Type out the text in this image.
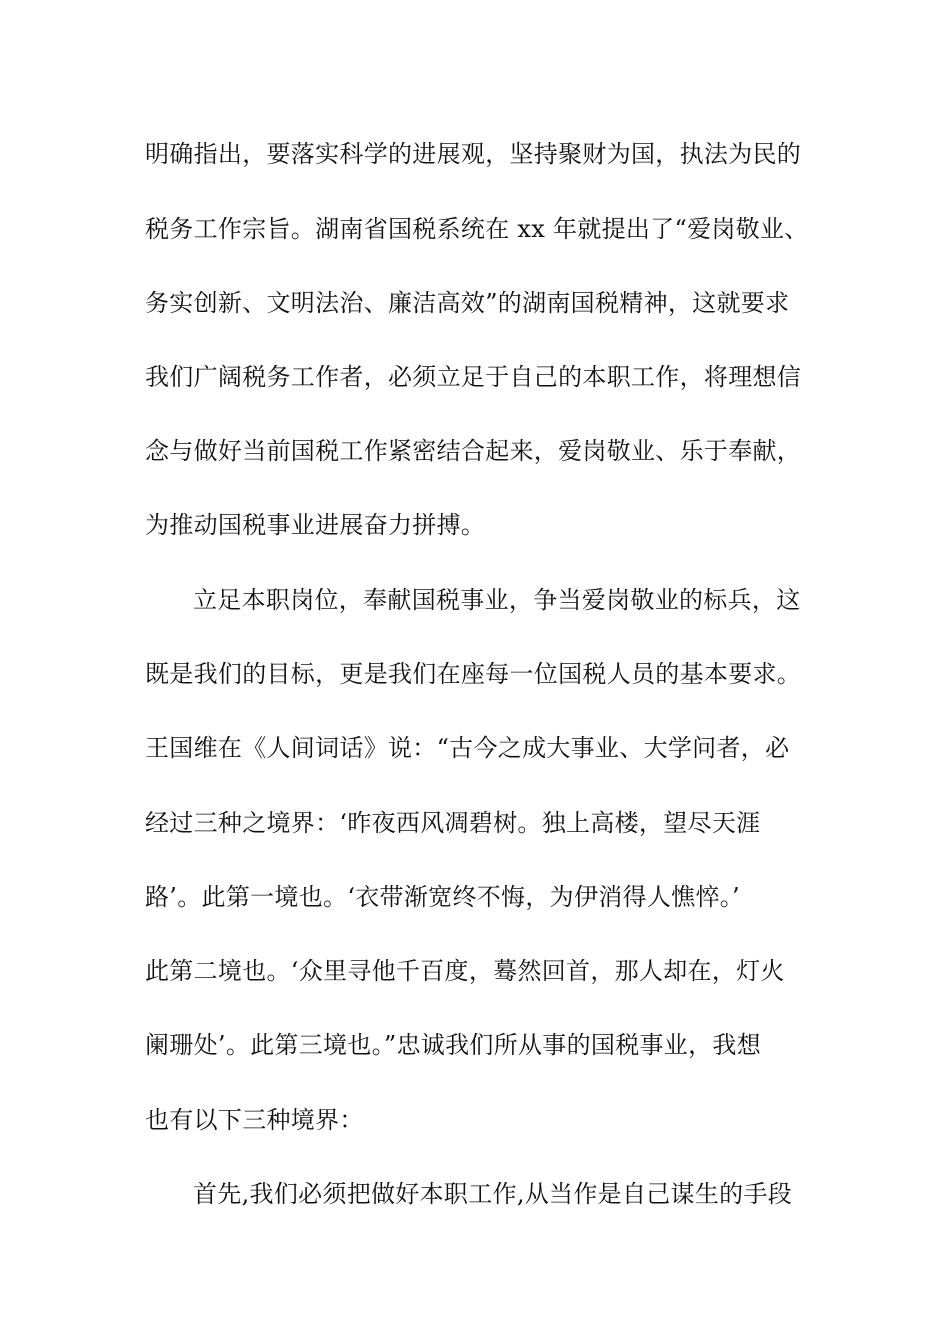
明确指出，要落实科学的进展观，坚持聚财为国，执法为民的
税务工作宗旨。湖南省国税系统在 xx 年就提出了“爱岗敬业、
务实创新、文明法治、廉洁高效”的湖南国税精神，这就要求
我们广阔税务工作者，必须立足于自己的本职工作，将理想信
念与做好当前国税工作紧密结合起来，爱岗敬业、乐于奉献，
为推动国税事业进展奋力拼搏。
立足本职岗位，奉献国税事业，争当爱岗敬业的标兵，这
既是我们的目标，更是我们在座每一位国税人员的基本要求。
王国维在《人间词话》说：“古今之成大事业、大学问者，必
经过三种之境界：‘昨夜西风凋碧树。独上高楼，望尽天涯
路’。此第一境也。‘衣带渐宽终不悔，为伊消得人憔悴。’
此第二境也。‘众里寻他千百度，蓦然回首，那人却在，灯火
阑珊处’。此第三境也。”忠诚我们所从事的国税事业，我想
也有以下三种境界：
首先,我们必须把做好本职工作,从当作是自己谋生的手段
